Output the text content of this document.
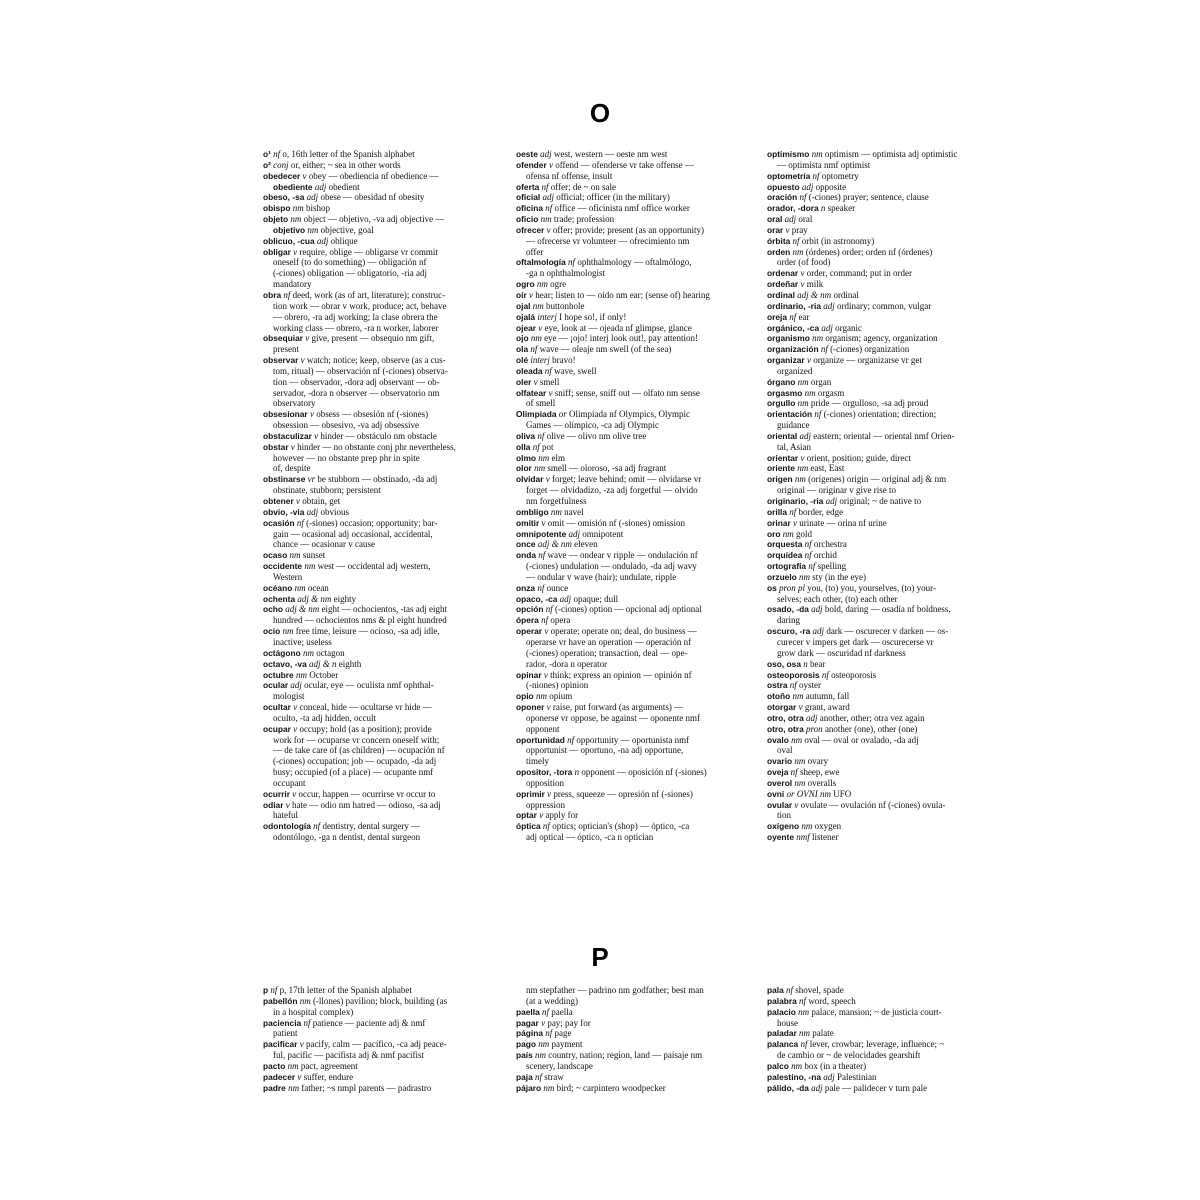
O
o¹ nf o, 16th letter of the Spanish alphabet
o² conj or, either; ~ sea in other words
obedecer v obey — obediencia nf obedience —
obediente adj obedient
obeso, -sa adj obese — obesidad nf obesity
obispo nm bishop
objeto nm object — objetivo, -va adj objective —
objetivo nm objective, goal
oblicuo, -cua adj oblique
obligar v require, oblige — obligarse vr commit
oneself (to do something) — obligación nf
(-ciones) obligation — obligatorio, -ria adj
mandatory
obra nf deed, work (as of art, literature); construc-
tion work — obrar v work, produce; act, behave
— obrero, -ra adj working; la clase obrera the
working class — obrero, -ra n worker, laborer
obsequiar v give, present — obsequio nm gift,
present
observar v watch; notice; keep, observe (as a cus-
tom, ritual) — observación nf (-ciones) observa-
tion — observador, -dora adj observant — ob-
servador, -dora n observer — observatorio nm
observatory
obsesionar v obsess — obsesión nf (-siones)
obsession — obsesivo, -va adj obsessive
obstaculizar v hinder — obstáculo nm obstacle
obstar v hinder — no obstante conj phr nevertheless,
however — no obstante prep phr in spite
of, despite
obstinarse vr be stubborn — obstinado, -da adj
obstinate, stubborn; persistent
obtener v obtain, get
obvio, -via adj obvious
ocasión nf (-siones) occasion; opportunity; bar-
gain — ocasional adj occasional, accidental,
chance — ocasionar v cause
ocaso nm sunset
occidente nm west — occidental adj western,
Western
océano nm ocean
ochenta adj & nm eighty
ocho adj & nm eight — ochocientos, -tas adj eight
hundred — ochocientos nms & pl eight hundred
ocio nm free time, leisure — ocioso, -sa adj idle,
inactive; useless
octágono nm octagon
octavo, -va adj & n eighth
octubre nm October
ocular adj ocular, eye — oculista nmf ophthal-
mologist
ocultar v conceal, hide — ocultarse vr hide —
oculto, -ta adj hidden, occult
ocupar v occupy; hold (as a position); provide
work for — ocuparse vr concern oneself with;
— de take care of (as children) — ocupación nf
(-ciones) occupation; job — ocupado, -da adj
busy; occupied (of a place) — ocupante nmf
occupant
ocurrir v occur, happen — ocurrirse vr occur to
odiar v hate — odio nm hatred — odioso, -sa adj
hateful
odontología nf dentistry, dental surgery —
odontólogo, -ga n dentist, dental surgeon
oeste adj west, western — oeste nm west
ofender v offend — ofenderse vr take offense —
ofensa nf offense, insult
oferta nf offer; de ~ on sale
oficial adj official; officer (in the military)
oficina nf office — oficinista nmf office worker
oficio nm trade; profession
ofrecer v offer; provide; present (as an opportunity)
— ofrecerse vr volunteer — ofrecimiento nm
offer
oftalmología nf ophthalmology — oftalmólogo,
-ga n ophthalmologist
ogro nm ogre
oír v hear; listen to — oído nm ear; (sense of) hearing
ojal nm buttonhole
ojalá interj I hope so!, if only!
ojear v eye, look at — ojeada nf glimpse, glance
ojo nm eye — ¡ojo! interj look out!, pay attention!
ola nf wave — oleaje nm swell (of the sea)
olé interj bravo!
oleada nf wave, swell
oler v smell
olfatear v sniff; sense, sniff out — olfato nm sense
of smell
Olimpiada or Olimpíada nf Olympics, Olympic
Games — olímpico, -ca adj Olympic
oliva nf olive — olivo nm olive tree
olla nf pot
olmo nm elm
olor nm smell — oloroso, -sa adj fragrant
olvidar v forget; leave behind; omit — olvidarse vr
forget — olvidadizo, -za adj forgetful — olvido
nm forgetfulness
ombligo nm navel
omitir v omit — omisión nf (-siones) omission
omnipotente adj omnipotent
once adj & nm eleven
onda nf wave — ondear v ripple — ondulación nf
(-ciones) undulation — ondulado, -da adj wavy
— ondular v wave (hair); undulate, ripple
onza nf ounce
opaco, -ca adj opaque; dull
opción nf (-ciones) option — opcional adj optional
ópera nf opera
operar v operate; operate on; deal, do business —
operarse vr have an operation — operación nf
(-ciones) operation; transaction, deal — ope-
rador, -dora n operator
opinar v think; express an opinion — opinión nf
(-niones) opinion
opio nm opium
oponer v raise, put forward (as arguments) —
oponerse vr oppose, be against — oponente nmf
opponent
oportunidad nf opportunity — oportunista nmf
opportunist — oportuno, -na adj opportune,
timely
opositor, -tora n opponent — oposición nf (-siones)
opposition
oprimir v press, squeeze — opresión nf (-siones)
oppression
optar v apply for
óptica nf optics; optician's (shop) — óptico, -ca
adj optical — óptico, -ca n optician
optimismo nm optimism — optimista adj optimistic
— optimista nmf optimist
optometría nf optometry
opuesto adj opposite
oración nf (-ciones) prayer; sentence, clause
orador, -dora n speaker
oral adj oral
orar v pray
órbita nf orbit (in astronomy)
orden nm (órdenes) order; orden nf (órdenes)
order (of food)
ordenar v order, command; put in order
ordeñar v milk
ordinal adj & nm ordinal
ordinario, -ria adj ordinary; common, vulgar
oreja nf ear
orgánico, -ca adj organic
organismo nm organism; agency, organization
organización nf (-ciones) organization
organizar v organize — organizarse vr get
organized
órgano nm organ
orgasmo nm orgasm
orgullo nm pride — orgulloso, -sa adj proud
orientación nf (-ciones) orientation; direction;
guidance
oriental adj eastern; oriental — oriental nmf Orien-
tal, Asian
orientar v orient, position; guide, direct
oriente nm east, East
origen nm (orígenes) origin — original adj & nm
original — originar v give rise to
originario, -ria adj original; ~ de native to
orilla nf border, edge
orinar v urinate — orina nf urine
oro nm gold
orquesta nf orchestra
orquídea nf orchid
ortografía nf spelling
orzuelo nm sty (in the eye)
os pron pl you, (to) you, yourselves, (to) your-
selves; each other, (to) each other
osado, -da adj bold, daring — osadía nf boldness,
daring
oscuro, -ra adj dark — oscurecer v darken — os-
curecer v impers get dark — oscurecerse vr
grow dark — oscuridad nf darkness
oso, osa n bear
osteoporosis nf osteoporosis
ostra nf oyster
otoño nm autumn, fall
otorgar v grant, award
otro, otra adj another, other; otra vez again
otro, otra pron another (one), other (one)
ovalo nm oval — oval or ovalado, -da adj
oval
ovario nm ovary
oveja nf sheep, ewe
overol nm overalls
ovni or OVNI nm UFO
ovular v ovulate — ovulación nf (-ciones) ovula-
tion
oxígeno nm oxygen
oyente nmf listener
P
p nf p, 17th letter of the Spanish alphabet
pabellón nm (-llones) pavilion; block, building (as
in a hospital complex)
paciencia nf patience — paciente adj & nmf
patient
pacificar v pacify, calm — pacífico, -ca adj peace-
ful, pacific — pacifista adj & nmf pacifist
pacto nm pact, agreement
padecer v suffer, endure
padre nm father; ~s nmpl parents — padrastro
nm stepfather — padrino nm godfather; best man
(at a wedding)
paella nf paella
pagar v pay; pay for
página nf page
pago nm payment
país nm country, nation; region, land — paisaje nm
scenery, landscape
paja nf straw
pájaro nm bird; ~ carpintero woodpecker
pala nf shovel, spade
palabra nf word, speech
palacio nm palace, mansion; ~ de justicia court-
house
paladar nm palate
palanca nf lever, crowbar; leverage, influence; ~
de cambio or ~ de velocidades gearshift
palco nm box (in a theater)
palestino, -na adj Palestinian
pálido, -da adj pale — palidecer v turn pale
